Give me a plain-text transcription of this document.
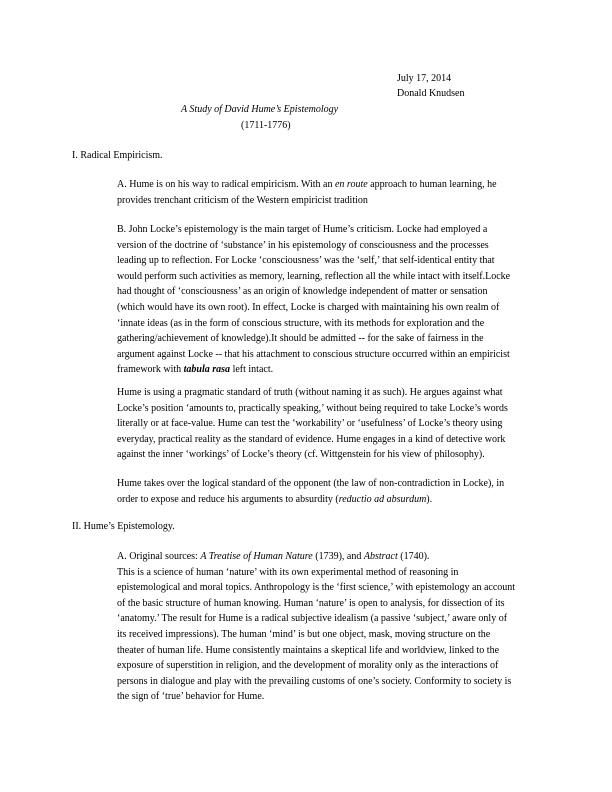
July 17, 2014
Donald Knudsen
A Study of David Hume’s Epistemology
(1711-1776)
I. Radical Empiricism.
A. Hume is on his way to radical empiricism. With an en route approach to human learning, he
provides trenchant criticism of the Western empiricist tradition
B. John Locke’s epistemology is the main target of Hume’s criticism. Locke had employed a
version of the doctrine of ‘substance’ in his epistemology of consciousness and the processes
leading up to reflection. For Locke ‘consciousness’ was the ‘self,’ that self-identical entity that
would perform such activities as memory, learning, reflection all the while intact with itself.Locke
had thought of ‘consciousness’ as an origin of knowledge independent of matter or sensation
(which would have its own root). In effect, Locke is charged with maintaining his own realm of
‘innate ideas (as in the form of conscious structure, with its methods for exploration and the
gathering/achievement of knowledge).It should be admitted -- for the sake of fairness in the
argument against Locke -- that his attachment to conscious structure occurred within an empiricist
framework with tabula rasa left intact.
Hume is using a pragmatic standard of truth (without naming it as such). He argues against what
Locke’s position ‘amounts to, practically speaking,’ without being required to take Locke’s words
literally or at face-value. Hume can test the ‘workability’ or ‘usefulness’ of Locke’s theory using
everyday, practical reality as the standard of evidence. Hume engages in a kind of detective work
against the inner ‘workings’ of Locke’s theory (cf. Wittgenstein for his view of philosophy).
Hume takes over the logical standard of the opponent (the law of non-contradiction in Locke), in
order to expose and reduce his arguments to absurdity (reductio ad absurdum).
II. Hume’s Epistemology.
A. Original sources: A Treatise of Human Nature (1739), and Abstract (1740).
This is a science of human ‘nature’ with its own experimental method of reasoning in
epistemological and moral topics. Anthropology is the ‘first science,’ with epistemology an account
of the basic structure of human knowing. Human ‘nature’ is open to analysis, for dissection of its
‘anatomy.’ The result for Hume is a radical subjective idealism (a passive ‘subject,’ aware only of
its received impressions). The human ‘mind’ is but one object, mask, moving structure on the
theater of human life. Hume consistently maintains a skeptical life and worldview, linked to the
exposure of superstition in religion, and the development of morality only as the interactions of
persons in dialogue and play with the prevailing customs of one’s society. Conformity to society is
the sign of ‘true’ behavior for Hume.
